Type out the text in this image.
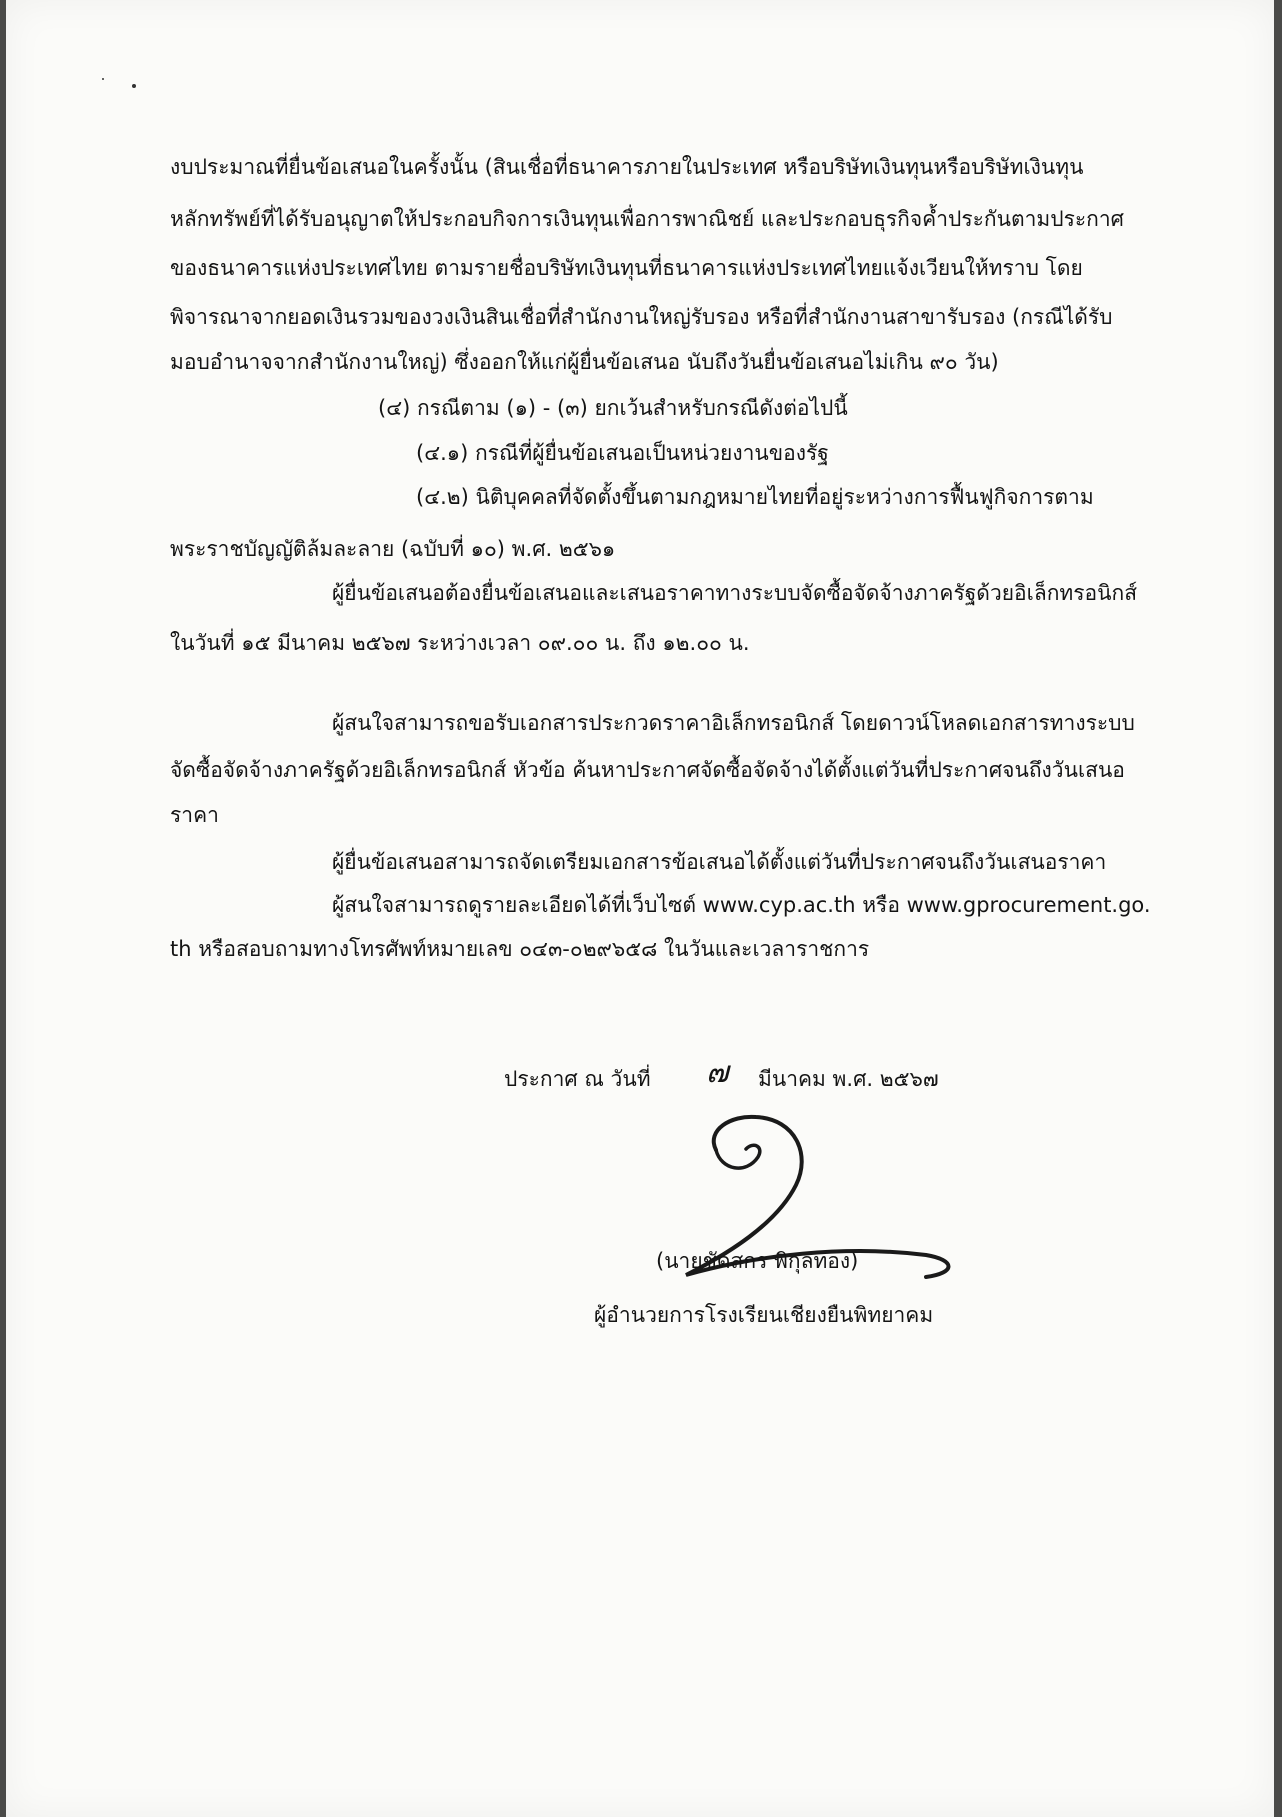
งบประมาณที่ยื่นข้อเสนอในครั้งนั้น (สินเชื่อที่ธนาคารภายในประเทศ หรือบริษัทเงินทุนหรือบริษัทเงินทุน
หลักทรัพย์ที่ได้รับอนุญาตให้ประกอบกิจการเงินทุนเพื่อการพาณิชย์ และประกอบธุรกิจค้ำประกันตามประกาศ
ของธนาคารแห่งประเทศไทย ตามรายชื่อบริษัทเงินทุนที่ธนาคารแห่งประเทศไทยแจ้งเวียนให้ทราบ โดย
พิจารณาจากยอดเงินรวมของวงเงินสินเชื่อที่สำนักงานใหญ่รับรอง หรือที่สำนักงานสาขารับรอง (กรณีได้รับ
มอบอำนาจจากสำนักงานใหญ่) ซึ่งออกให้แก่ผู้ยื่นข้อเสนอ นับถึงวันยื่นข้อเสนอไม่เกิน ๙๐ วัน)
(๔) กรณีตาม (๑) - (๓) ยกเว้นสำหรับกรณีดังต่อไปนี้
(๔.๑) กรณีที่ผู้ยื่นข้อเสนอเป็นหน่วยงานของรัฐ
(๔.๒) นิติบุคคลที่จัดตั้งขึ้นตามกฎหมายไทยที่อยู่ระหว่างการฟื้นฟูกิจการตาม
พระราชบัญญัติล้มละลาย (ฉบับที่ ๑๐) พ.ศ. ๒๕๖๑
ผู้ยื่นข้อเสนอต้องยื่นข้อเสนอและเสนอราคาทางระบบจัดซื้อจัดจ้างภาครัฐด้วยอิเล็กทรอนิกส์
ในวันที่ ๑๕ มีนาคม ๒๕๖๗ ระหว่างเวลา ๐๙.๐๐ น. ถึง ๑๒.๐๐ น.
ผู้สนใจสามารถขอรับเอกสารประกวดราคาอิเล็กทรอนิกส์ โดยดาวน์โหลดเอกสารทางระบบ
จัดซื้อจัดจ้างภาครัฐด้วยอิเล็กทรอนิกส์ หัวข้อ ค้นหาประกาศจัดซื้อจัดจ้างได้ตั้งแต่วันที่ประกาศจนถึงวันเสนอ
ราคา
ผู้ยื่นข้อเสนอสามารถจัดเตรียมเอกสารข้อเสนอได้ตั้งแต่วันที่ประกาศจนถึงวันเสนอราคา
ผู้สนใจสามารถดูรายละเอียดได้ที่เว็บไซต์ www.cyp.ac.th หรือ www.gprocurement.go.
th หรือสอบถามทางโทรศัพท์หมายเลข ๐๔๓-๐๒๙๖๕๘ ในวันและเวลาราชการ
ประกาศ ณ วันที่ ๗ มีนาคม พ.ศ. ๒๕๖๗
(นายชัดสกร พิกุลทอง)
ผู้อำนวยการโรงเรียนเชียงยืนพิทยาคม
